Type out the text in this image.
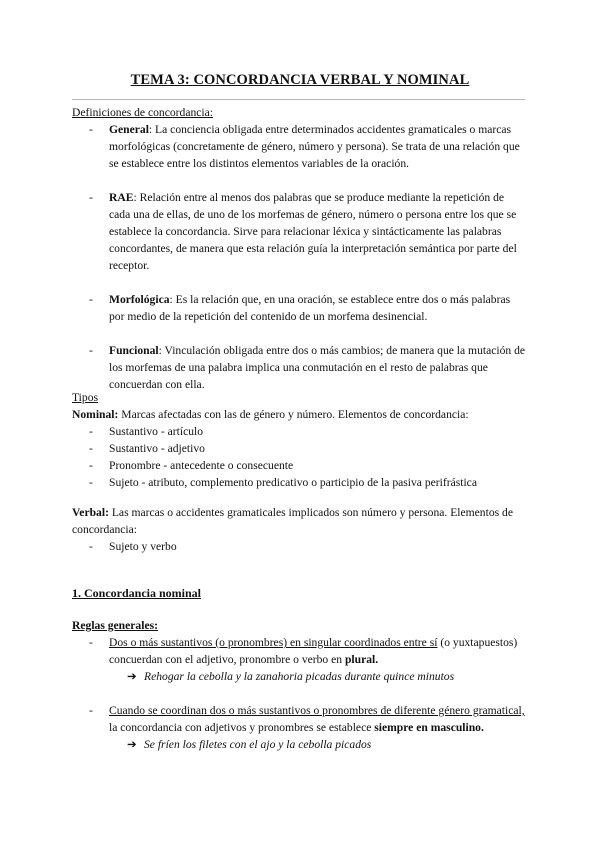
TEMA 3: CONCORDANCIA VERBAL Y NOMINAL
Definiciones de concordancia:
- General: La conciencia obligada entre determinados accidentes gramaticales o marcas morfológicas (concretamente de género, número y persona). Se trata de una relación que se establece entre los distintos elementos variables de la oración.
- RAE: Relación entre al menos dos palabras que se produce mediante la repetición de cada una de ellas, de uno de los morfemas de género, número o persona entre los que se establece la concordancia. Sirve para relacionar léxica y sintácticamente las palabras concordantes, de manera que esta relación guía la interpretación semántica por parte del receptor.
- Morfológica: Es la relación que, en una oración, se establece entre dos o más palabras por medio de la repetición del contenido de un morfema desinencial.
- Funcional: Vinculación obligada entre dos o más cambios; de manera que la mutación de los morfemas de una palabra implica una conmutación en el resto de palabras que concuerdan con ella.
Tipos
Nominal: Marcas afectadas con las de género y número. Elementos de concordancia:
- Sustantivo - artículo
- Sustantivo - adjetivo
- Pronombre - antecedente o consecuente
- Sujeto - atributo, complemento predicativo o participio de la pasiva perifrástica
Verbal: Las marcas o accidentes gramaticales implicados son número y persona. Elementos de concordancia:
- Sujeto y verbo
1. Concordancia nominal
Reglas generales:
- Dos o más sustantivos (o pronombres) en singular coordinados entre sí (o yuxtapuestos) concuerdan con el adjetivo, pronombre o verbo en plural.
➔ Rehogar la cebolla y la zanahoria picadas durante quince minutos
- Cuando se coordinan dos o más sustantivos o pronombres de diferente género gramatical, la concordancia con adjetivos y pronombres se establece siempre en masculino.
➔ Se fríen los filetes con el ajo y la cebolla picados
